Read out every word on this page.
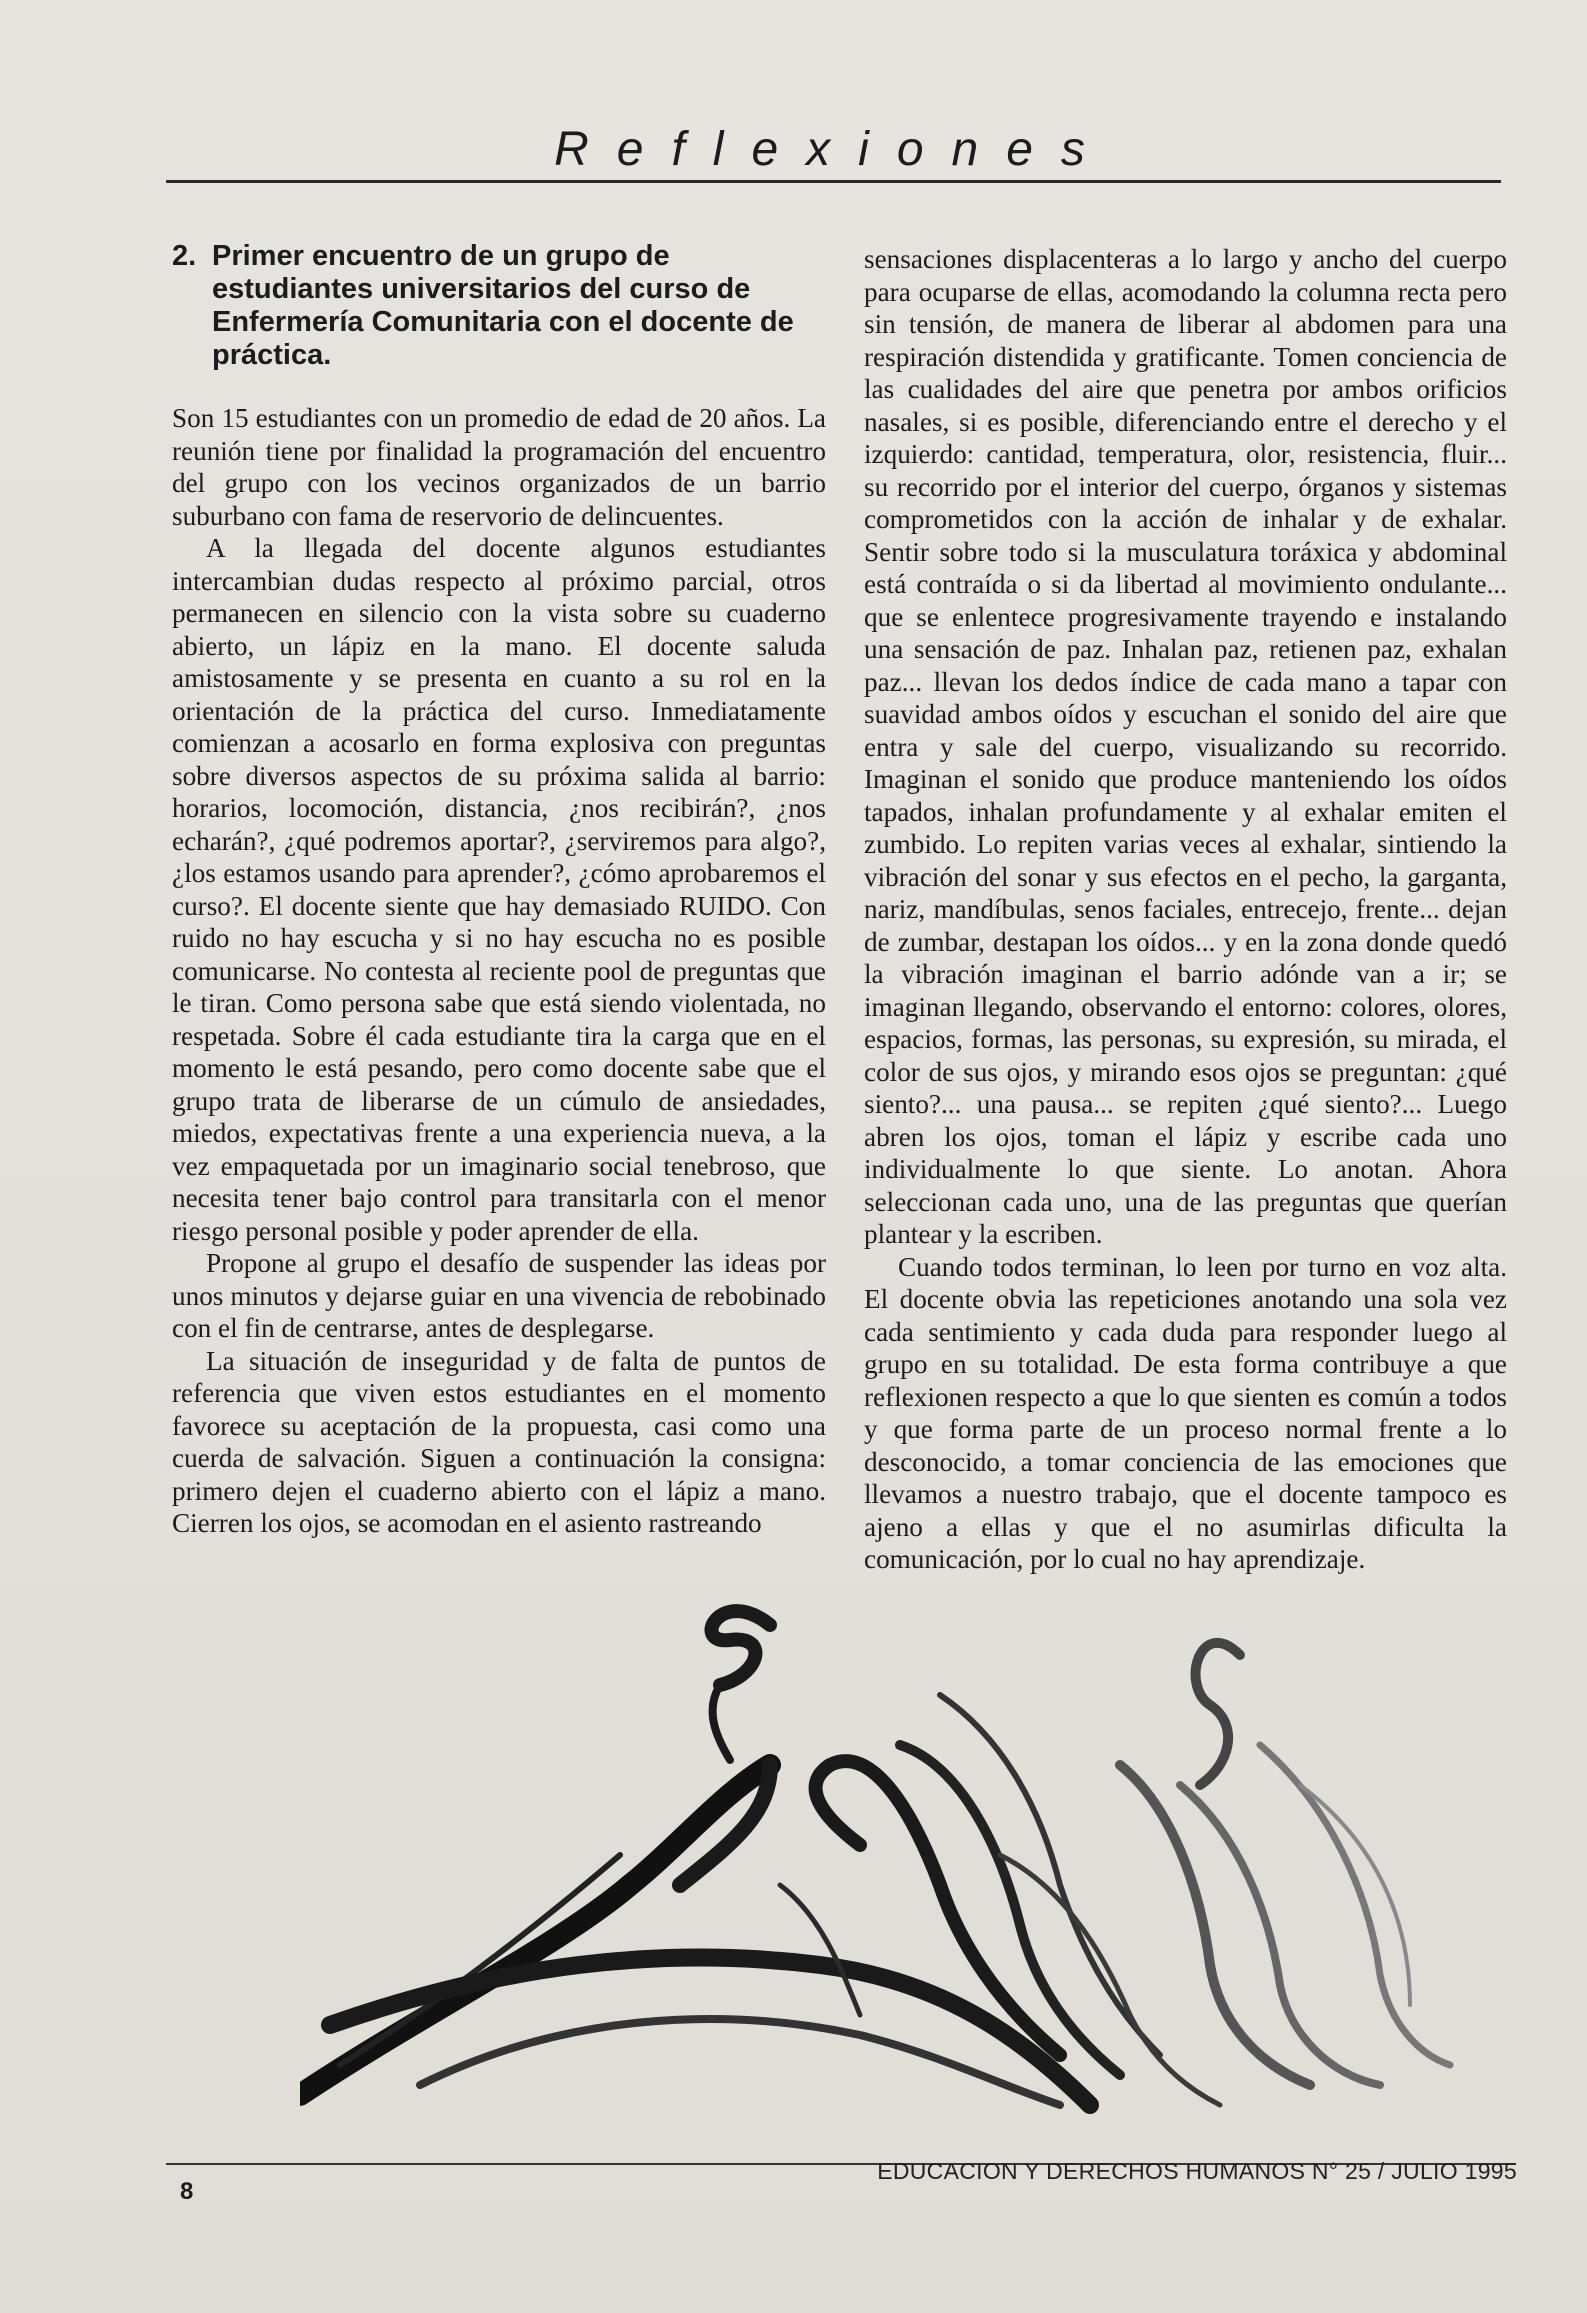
Reflexiones
2. Primer encuentro de un grupo de estudiantes universitarios del curso de Enfermería Comunitaria con el docente de práctica.

Son 15 estudiantes con un promedio de edad de 20 años. La reunión tiene por finalidad la programación del encuentro del grupo con los vecinos organizados de un barrio suburbano con fama de reservorio de delincuentes.

A la llegada del docente algunos estudiantes intercambian dudas respecto al próximo parcial, otros permanecen en silencio con la vista sobre su cuaderno abierto, un lápiz en la mano. El docente saluda amistosamente y se presenta en cuanto a su rol en la orientación de la práctica del curso. Inmediatamente comienzan a acosarlo en forma explosiva con preguntas sobre diversos aspectos de su próxima salida al barrio: horarios, locomoción, distancia, ¿nos recibirán?, ¿nos echarán?, ¿qué podremos aportar?, ¿serviremos para algo?, ¿los estamos usando para aprender?, ¿cómo aprobaremos el curso?. El docente siente que hay demasiado RUIDO. Con ruido no hay escucha y si no hay escucha no es posible comunicarse. No contesta al reciente pool de preguntas que le tiran. Como persona sabe que está siendo violentada, no respetada. Sobre él cada estudiante tira la carga que en el momento le está pesando, pero como docente sabe que el grupo trata de liberarse de un cúmulo de ansiedades, miedos, expectativas frente a una experiencia nueva, a la vez empaquetada por un imaginario social tenebroso, que necesita tener bajo control para transitarla con el menor riesgo personal posible y poder aprender de ella.

Propone al grupo el desafío de suspender las ideas por unos minutos y dejarse guiar en una vivencia de rebobinado con el fin de centrarse, antes de desplegarse.

La situación de inseguridad y de falta de puntos de referencia que viven estos estudiantes en el momento favorece su aceptación de la propuesta, casi como una cuerda de salvación. Siguen a continuación la consigna: primero dejen el cuaderno abierto con el lápiz a mano. Cierren los ojos, se acomodan en el asiento rastreando

sensaciones displacenteras a lo largo y ancho del cuerpo para ocuparse de ellas, acomodando la columna recta pero sin tensión, de manera de liberar al abdomen para una respiración distendida y gratificante. Tomen conciencia de las cualidades del aire que penetra por ambos orificios nasales, si es posible, diferenciando entre el derecho y el izquierdo: cantidad, temperatura, olor, resistencia, fluir... su recorrido por el interior del cuerpo, órganos y sistemas comprometidos con la acción de inhalar y de exhalar. Sentir sobre todo si la musculatura toráxica y abdominal está contraída o si da libertad al movimiento ondulante... que se enlentece progresivamente trayendo e instalando una sensación de paz. Inhalan paz, retienen paz, exhalan paz... llevan los dedos índice de cada mano a tapar con suavidad ambos oídos y escuchan el sonido del aire que entra y sale del cuerpo, visualizando su recorrido. Imaginan el sonido que produce manteniendo los oídos tapados, inhalan profundamente y al exhalar emiten el zumbido. Lo repiten varias veces al exhalar, sintiendo la vibración del sonar y sus efectos en el pecho, la garganta, nariz, mandíbulas, senos faciales, entrecejo, frente... dejan de zumbar, destapan los oídos... y en la zona donde quedó la vibración imaginan el barrio adónde van a ir; se imaginan llegando, observando el entorno: colores, olores, espacios, formas, las personas, su expresión, su mirada, el color de sus ojos, y mirando esos ojos se preguntan: ¿qué siento?... una pausa... se repiten ¿qué siento?... Luego abren los ojos, toman el lápiz y escribe cada uno individualmente lo que siente. Lo anotan. Ahora seleccionan cada uno, una de las preguntas que querían plantear y la escriben.

Cuando todos terminan, lo leen por turno en voz alta. El docente obvia las repeticiones anotando una sola vez cada sentimiento y cada duda para responder luego al grupo en su totalidad. De esta forma contribuye a que reflexionen respecto a que lo que sienten es común a todos y que forma parte de un proceso normal frente a lo desconocido, a tomar conciencia de las emociones que llevamos a nuestro trabajo, que el docente tampoco es ajeno a ellas y que el no asumirlas dificulta la comunicación, por lo cual no hay aprendizaje.

8
EDUCACION Y DERECHOS HUMANOS N° 25 / JULIO 1995
